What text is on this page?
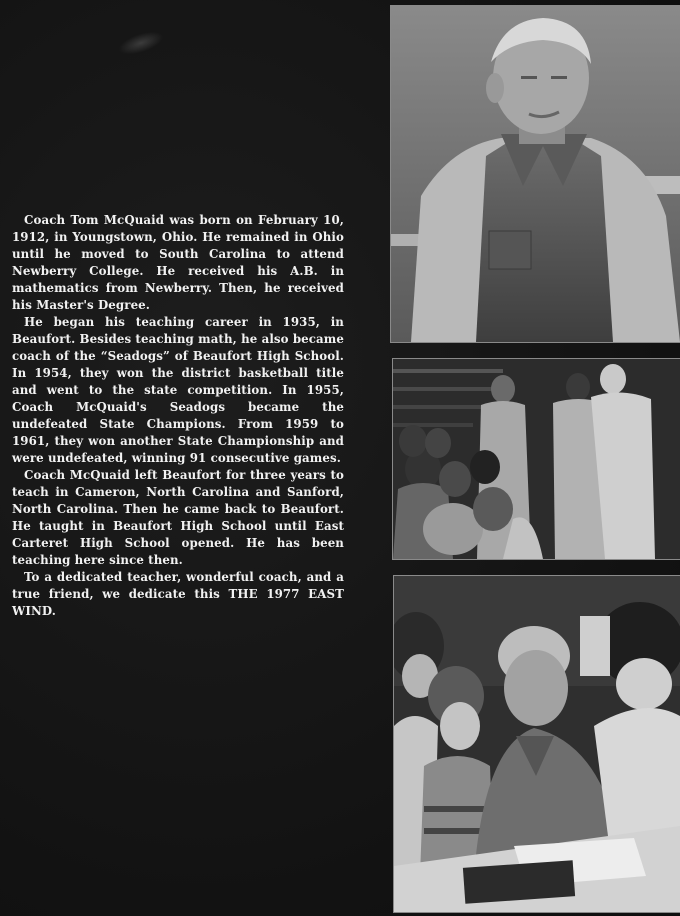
Coach Tom McQuaid was born on February 10, 1912, in Youngstown, Ohio. He remained in Ohio until he moved to South Carolina to attend Newberry College. He received his A.B. in mathematics from Newberry. Then, he received his Master's Degree.

He began his teaching career in 1935, in Beaufort. Besides teaching math, he also became coach of the “Seadogs” of Beaufort High School. In 1954, they won the district basketball title and went to the state competition. In 1955, Coach McQuaid's Seadogs became the undefeated State Champions. From 1959 to 1961, they won another State Championship and were undefeated, winning 91 consecutive games.

Coach McQuaid left Beaufort for three years to teach in Cameron, North Carolina and Sanford, North Carolina. Then he came back to Beaufort. He taught in Beaufort High School until East Carteret High School opened. He has been teaching here since then.

To a dedicated teacher, wonderful coach, and a true friend, we dedicate this THE 1977 EAST WIND.
